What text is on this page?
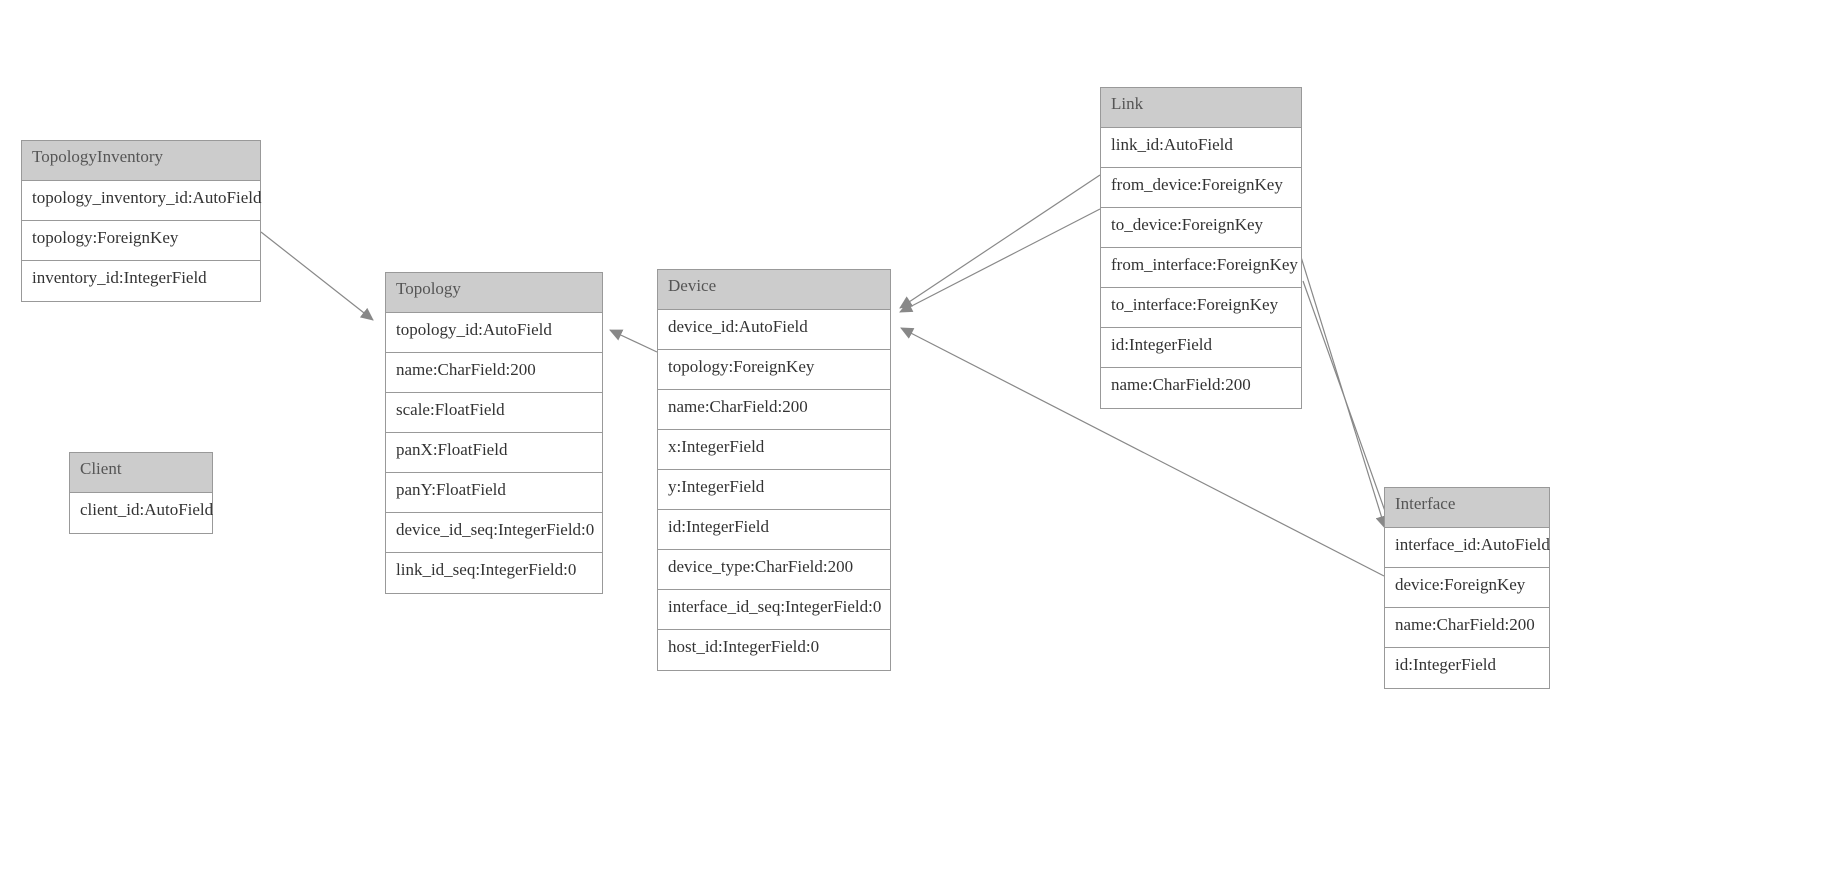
TopologyInventory
topology_inventory_id:AutoField
topology:ForeignKey
inventory_id:IntegerField
Client
client_id:AutoField
Topology
topology_id:AutoField
name:CharField:200
scale:FloatField
panX:FloatField
panY:FloatField
device_id_seq:IntegerField:0
link_id_seq:IntegerField:0
Device
device_id:AutoField
topology:ForeignKey
name:CharField:200
x:IntegerField
y:IntegerField
id:IntegerField
device_type:CharField:200
interface_id_seq:IntegerField:0
host_id:IntegerField:0
Link
link_id:AutoField
from_device:ForeignKey
to_device:ForeignKey
from_interface:ForeignKey
to_interface:ForeignKey
id:IntegerField
name:CharField:200
Interface
interface_id:AutoField
device:ForeignKey
name:CharField:200
id:IntegerField
